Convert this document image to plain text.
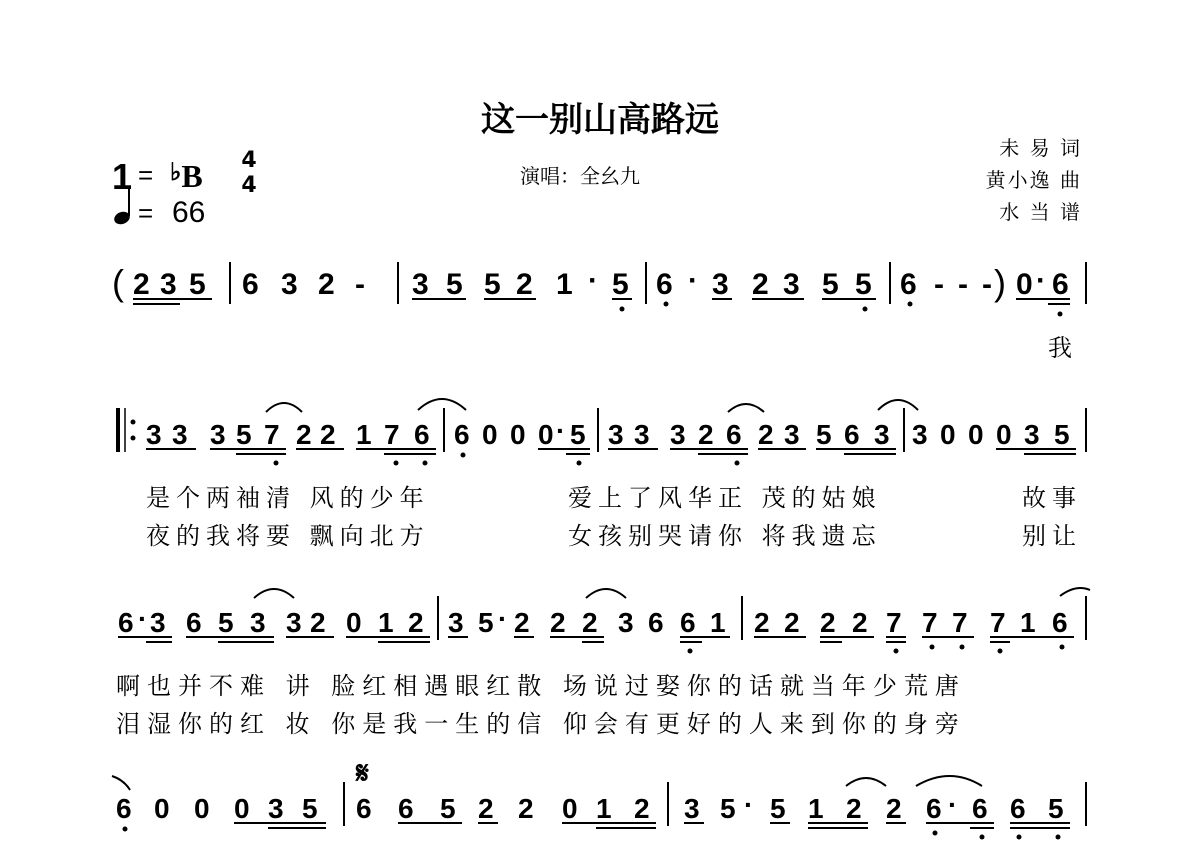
这一别山高路远
演唱：全幺九
未 易 词
黄小逸 曲
水 当 谱
1 = ♭B	4
4
= 66
( 2 3 5 6 3 2 - 3 5 5 2 1 · 5 6 · 3 2 3 5 5 6 - - - ) 0 · 6
3 3 3 5 7 2 2 1 7 6 6 0 0 0 · 5 3 3 3 2 6 2 3 5 6 3 3 0 0 0 3 5
6 · 3 6 5 3 3 2 0 1 2 3 5 · 2 2 2 3 6 6 1 2 2 2 2 7 7 7 7 1 6
6 0 0 0 3 5 6 6 5 2 2 0 1 2 3 5 · 5 1 2 2 6 · 6 6 5
𝄋
我
是个两袖清 风的少年	爱上了风华正 茂的姑娘	故事
夜的我将要 飘向北方	女孩别哭请你 将我遗忘	别让
啊也并不难 讲 脸红相遇眼红散 场说过娶你的话就当年少荒唐
泪湿你的红 妆 你是我一生的信 仰会有更好的人来到你的身旁
